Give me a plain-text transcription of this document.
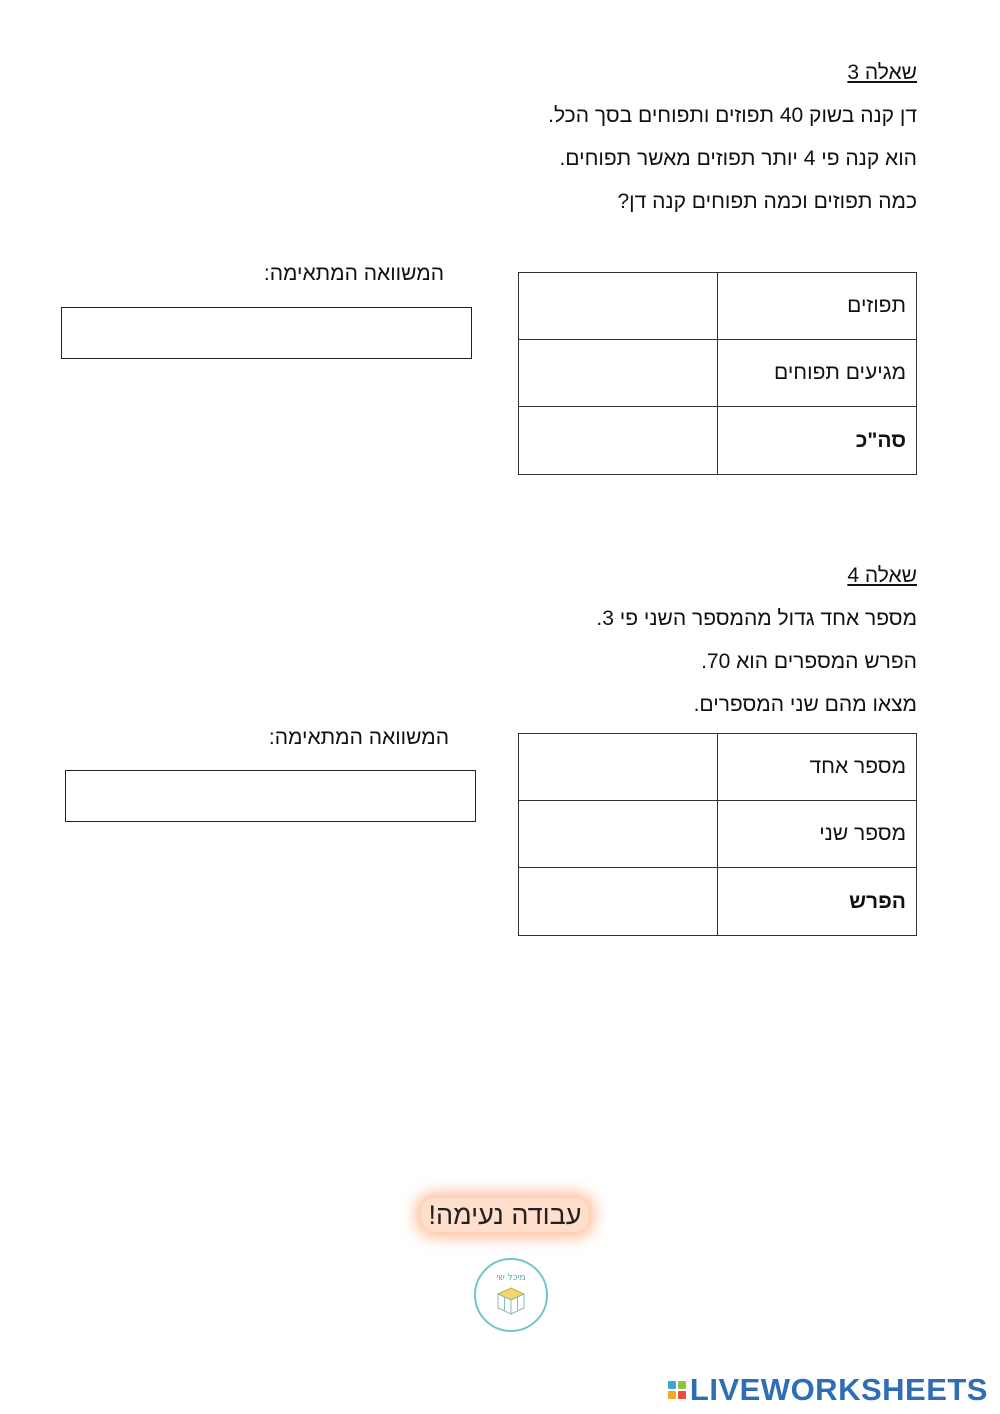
שאלה 3
דן קנה בשוק 40 תפוזים ותפוחים בסך הכל.
הוא קנה פי 4 יותר תפוזים מאשר תפוחים.
כמה תפוזים וכמה תפוחים קנה דן?
המשוואה המתאימה:
תפוזים	
מגיעים תפוחים	
סה"כ	
שאלה 4
מספר אחד גדול מהמספר השני פי 3.
הפרש המספרים הוא 70.
מצאו מהם שני המספרים.
המשוואה המתאימה:
מספר אחד	
מספר שני	
הפרש	
עבודה נעימה!
מיכל שי
LIVEWORKSHEETS
